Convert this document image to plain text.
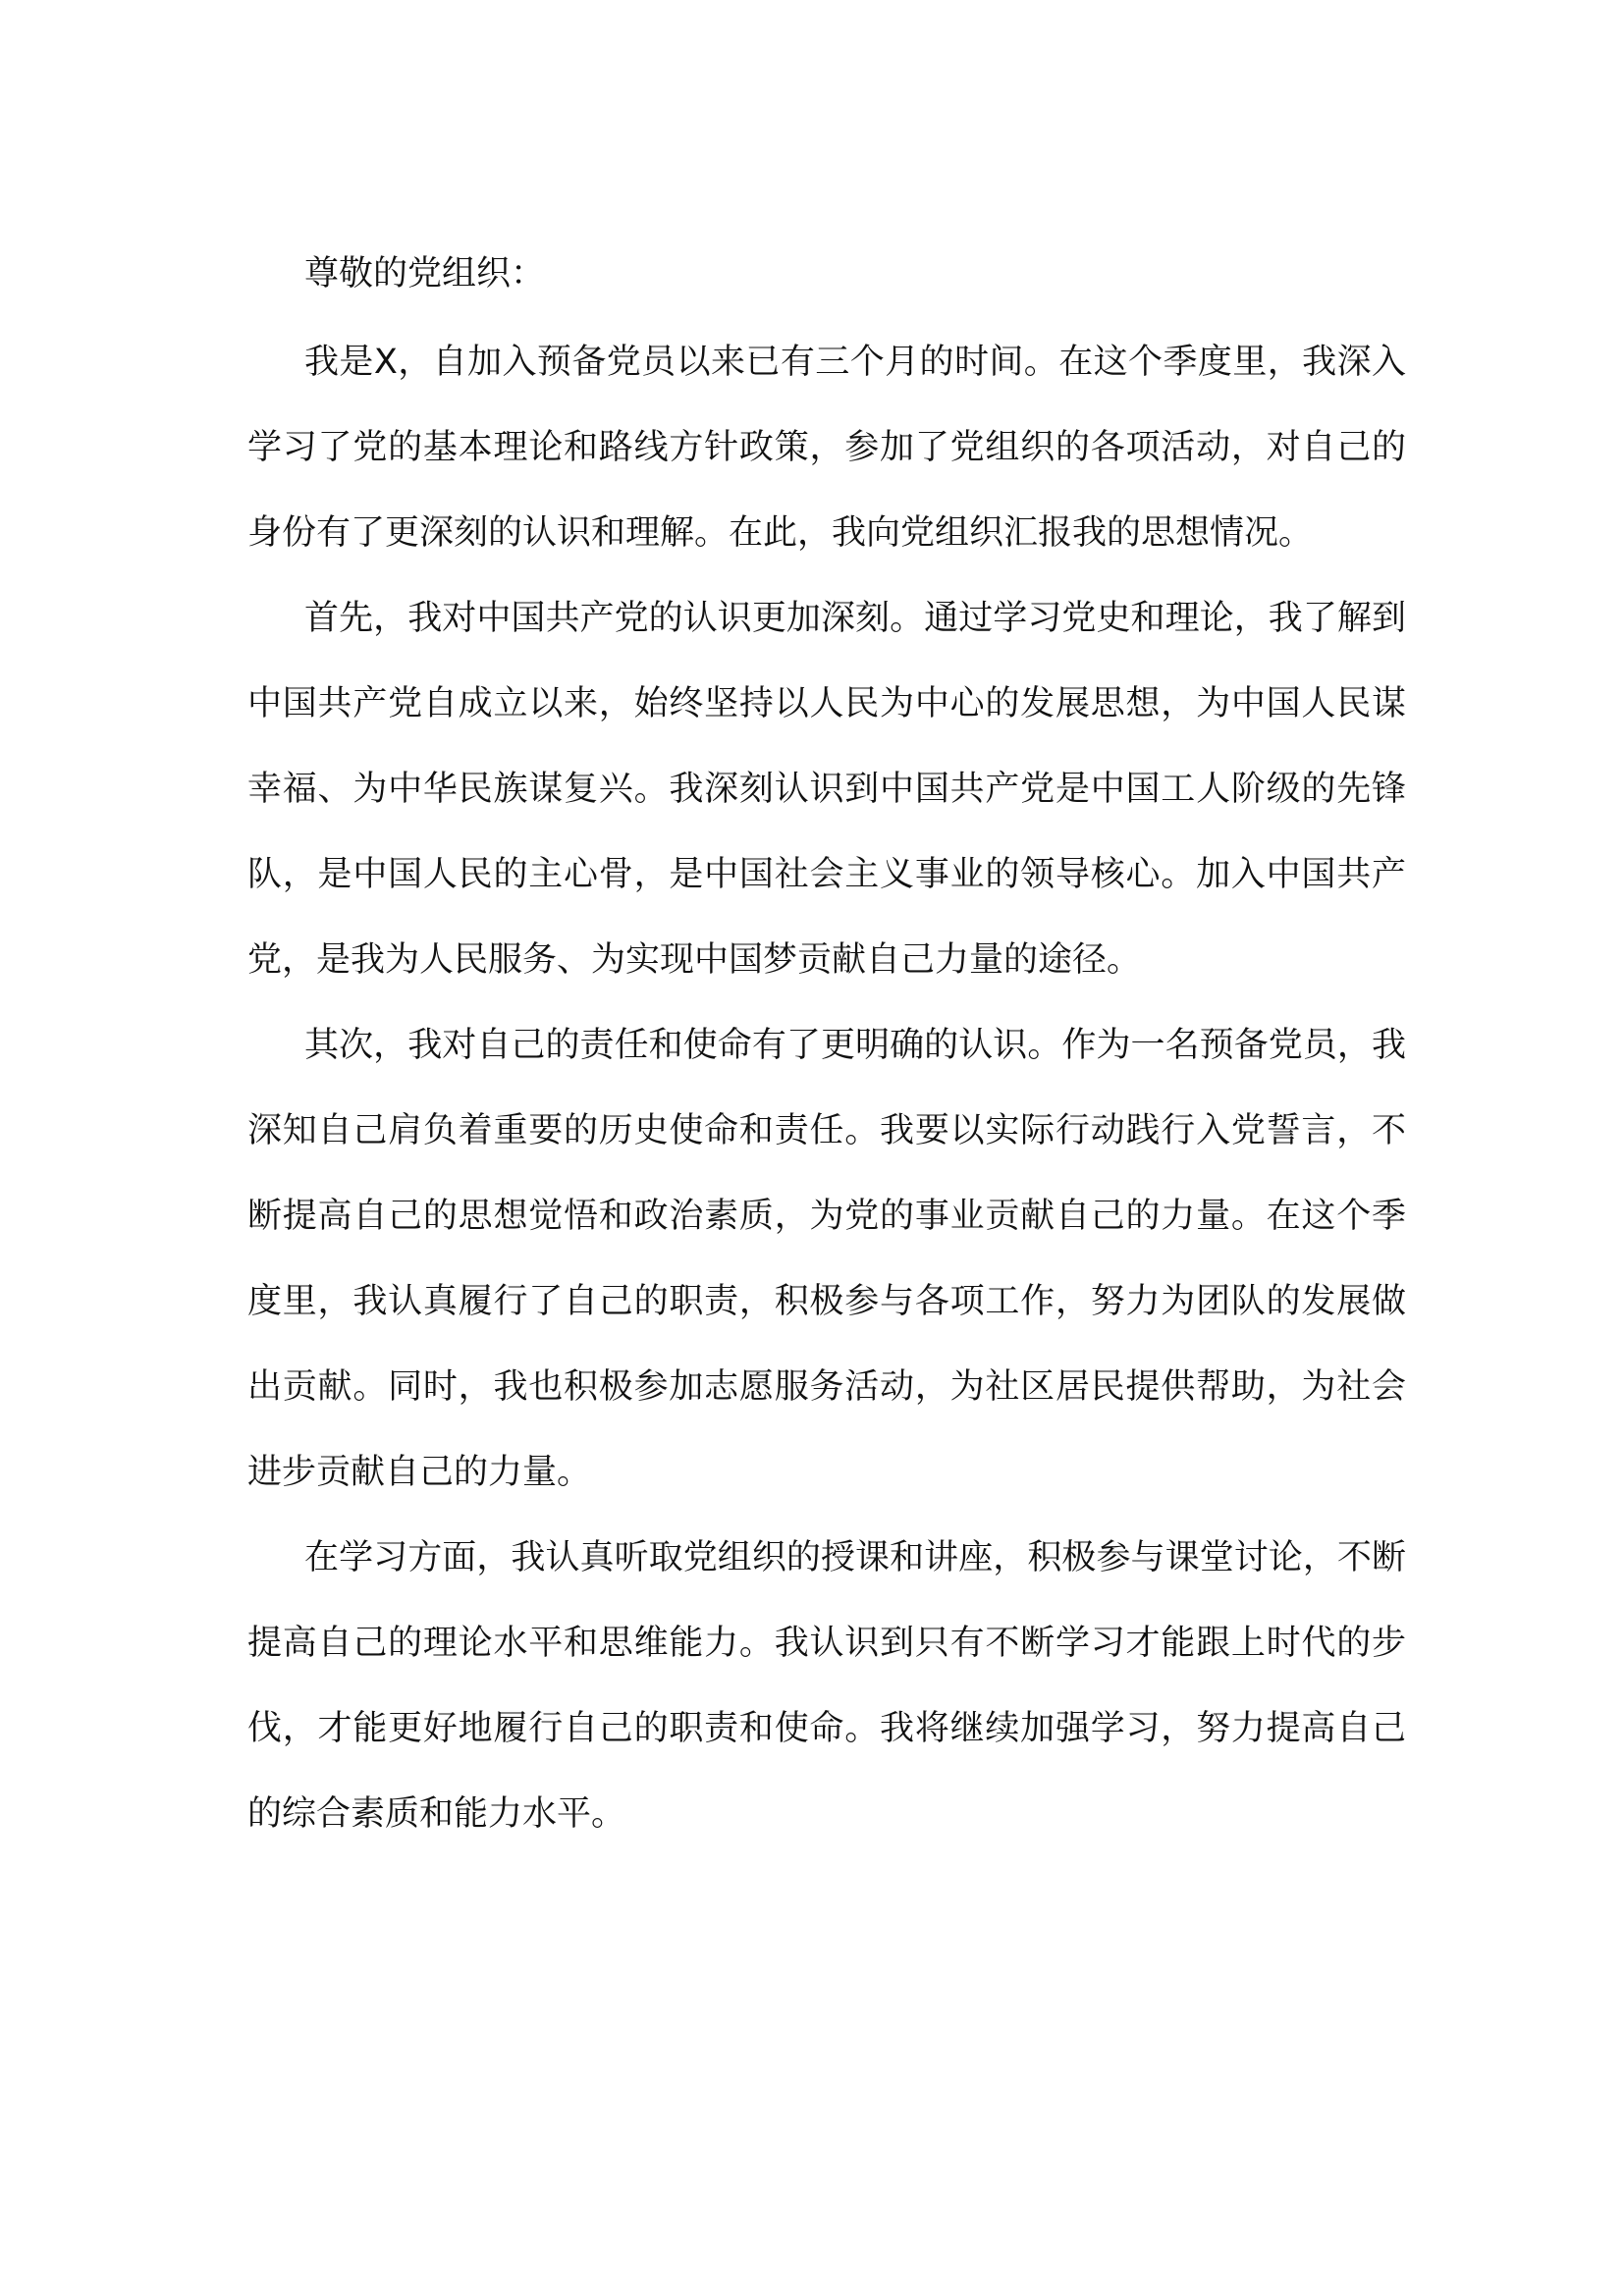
尊敬的党组织：

我是X，自加入预备党员以来已有三个月的时间。在这个季度里，我深入学习了党的基本理论和路线方针政策，参加了党组织的各项活动，对自己的身份有了更深刻的认识和理解。在此，我向党组织汇报我的思想情况。

首先，我对中国共产党的认识更加深刻。通过学习党史和理论，我了解到中国共产党自成立以来，始终坚持以人民为中心的发展思想，为中国人民谋幸福、为中华民族谋复兴。我深刻认识到中国共产党是中国工人阶级的先锋队，是中国人民的主心骨，是中国社会主义事业的领导核心。加入中国共产党，是我为人民服务、为实现中国梦贡献自己力量的途径。

其次，我对自己的责任和使命有了更明确的认识。作为一名预备党员，我深知自己肩负着重要的历史使命和责任。我要以实际行动践行入党誓言，不断提高自己的思想觉悟和政治素质，为党的事业贡献自己的力量。在这个季度里，我认真履行了自己的职责，积极参与各项工作，努力为团队的发展做出贡献。同时，我也积极参加志愿服务活动，为社区居民提供帮助，为社会进步贡献自己的力量。

在学习方面，我认真听取党组织的授课和讲座，积极参与课堂讨论，不断提高自己的理论水平和思维能力。我认识到只有不断学习才能跟上时代的步伐，才能更好地履行自己的职责和使命。我将继续加强学习，努力提高自己的综合素质和能力水平。
